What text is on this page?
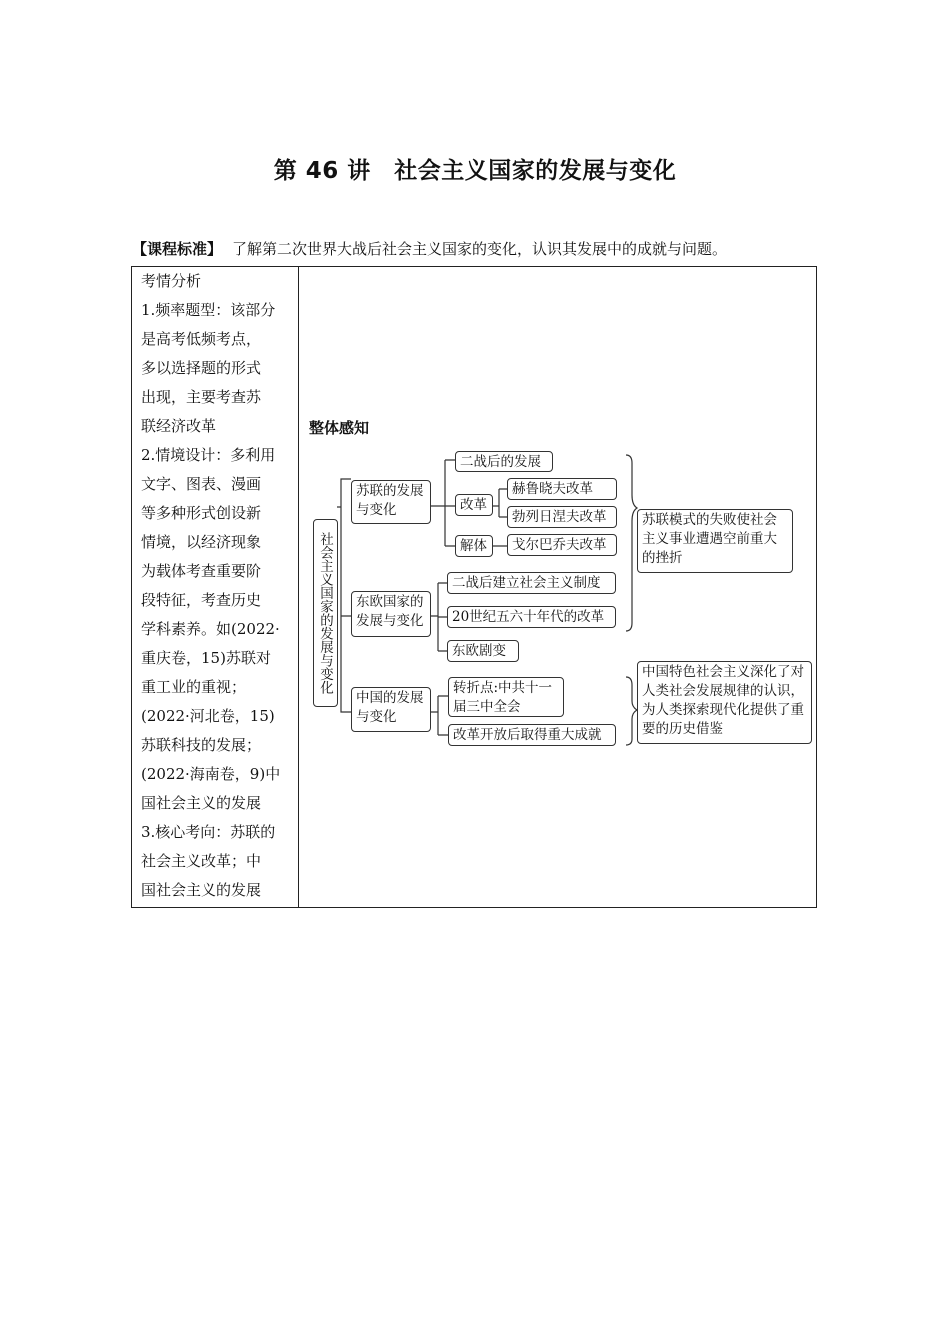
第 46 讲　社会主义国家的发展与变化
【课程标准】 了解第二次世界大战后社会主义国家的变化，认识其发展中的成就与问题。
考情分析
1.频率题型：该部分
是高考低频考点，
多以选择题的形式
出现，主要考查苏
联经济改革
2.情境设计：多利用
文字、图表、漫画
等多种形式创设新
情境，以经济现象
为载体考查重要阶
段特征，考查历史
学科素养。如(2022·
重庆卷，15)苏联对
重工业的重视；
(2022·河北卷，15)
苏联科技的发展；
(2022·海南卷，9)中
国社会主义的发展
3.核心考向：苏联的
社会主义改革；中
国社会主义的发展
整体感知
社会主义国家的发展与变化
苏联的发展与变化
东欧国家的发展与变化
中国的发展与变化
二战后的发展
改革
解体
赫鲁晓夫改革
勃列日涅夫改革
戈尔巴乔夫改革
二战后建立社会主义制度
20世纪五六十年代的改革
东欧剧变
转折点:中共十一届三中全会
改革开放后取得重大成就
苏联模式的失败使社会主义事业遭遇空前重大的挫折
中国特色社会主义深化了对人类社会发展规律的认识，为人类探索现代化提供了重要的历史借鉴
